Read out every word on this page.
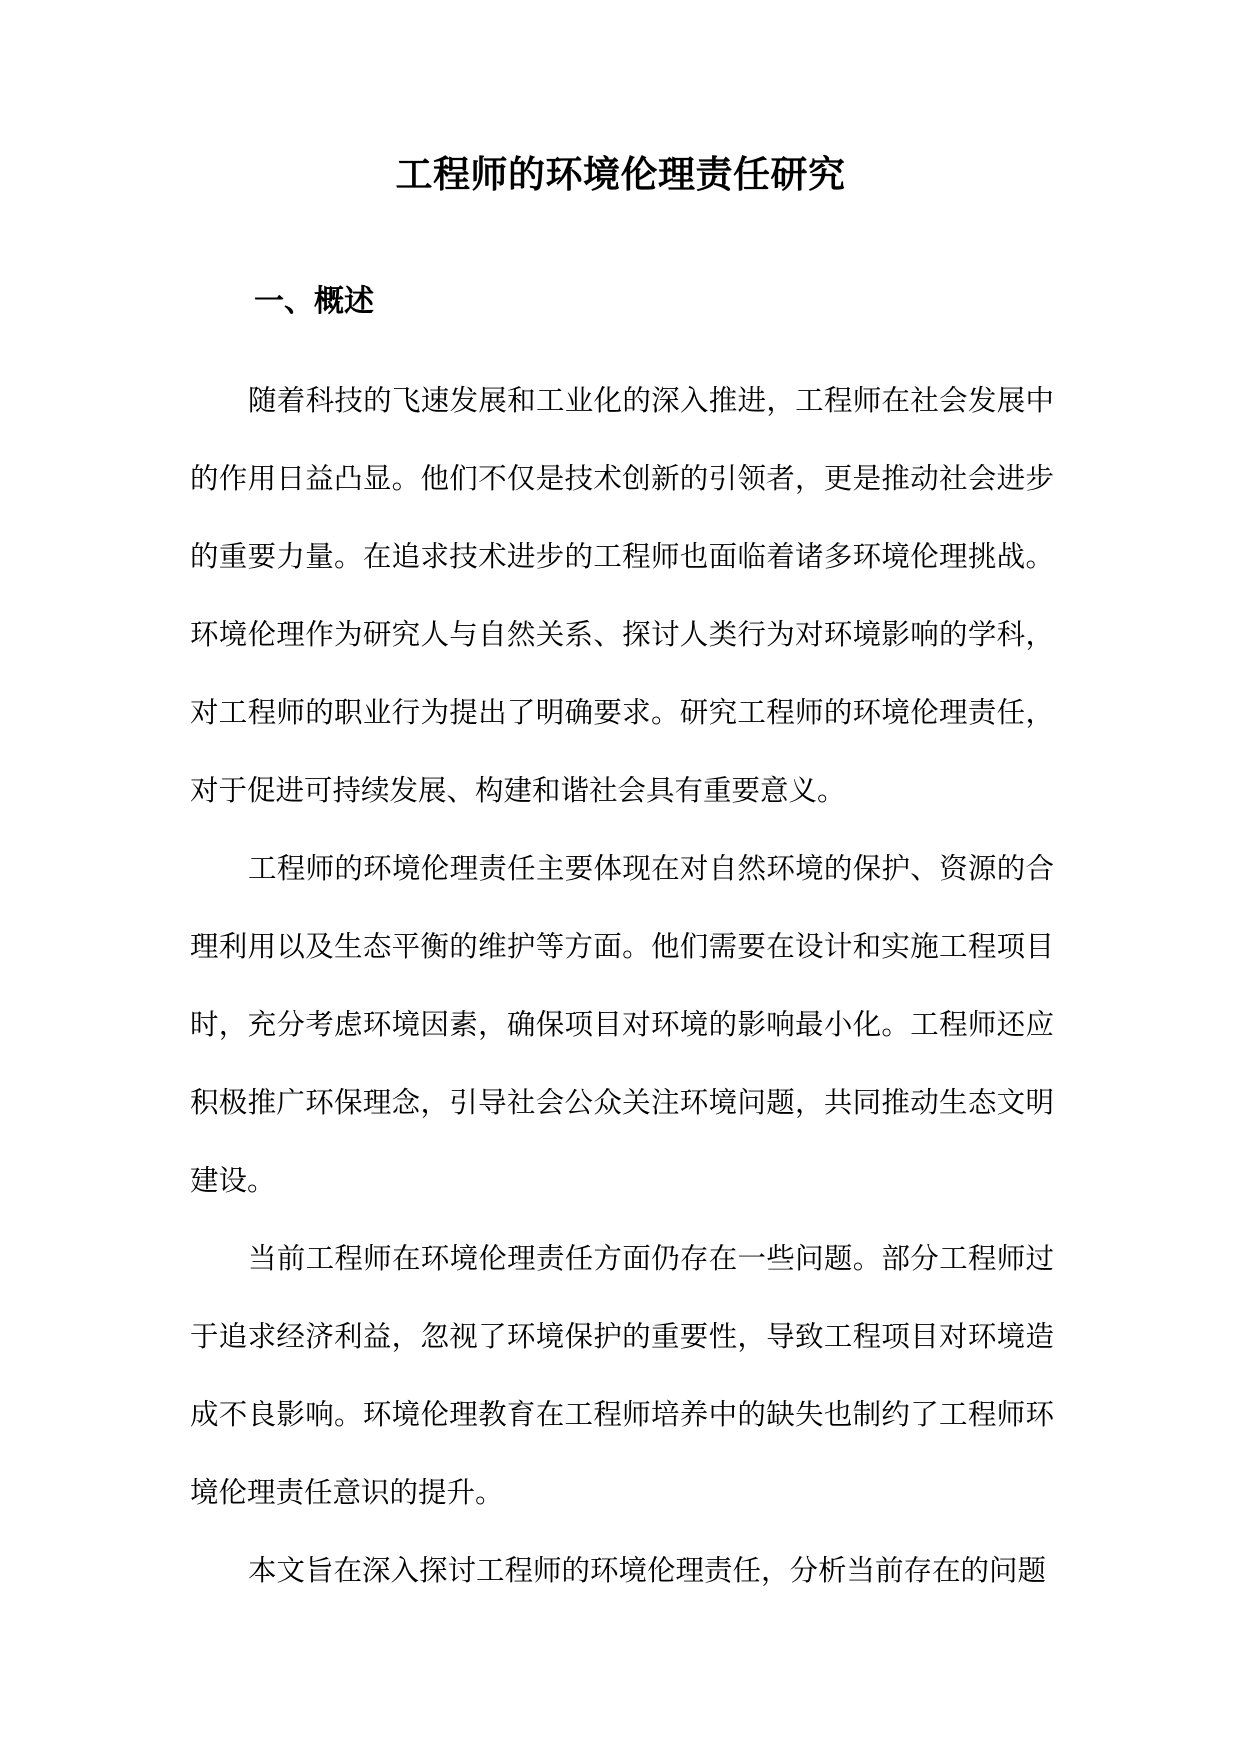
工程师的环境伦理责任研究
一、概述

随着科技的飞速发展和工业化的深入推进，工程师在社会发展中的作用日益凸显。他们不仅是技术创新的引领者，更是推动社会进步的重要力量。在追求技术进步的工程师也面临着诸多环境伦理挑战。环境伦理作为研究人与自然关系、探讨人类行为对环境影响的学科，对工程师的职业行为提出了明确要求。研究工程师的环境伦理责任，对于促进可持续发展、构建和谐社会具有重要意义。

工程师的环境伦理责任主要体现在对自然环境的保护、资源的合理利用以及生态平衡的维护等方面。他们需要在设计和实施工程项目时，充分考虑环境因素，确保项目对环境的影响最小化。工程师还应积极推广环保理念，引导社会公众关注环境问题，共同推动生态文明建设。

当前工程师在环境伦理责任方面仍存在一些问题。部分工程师过于追求经济利益，忽视了环境保护的重要性，导致工程项目对环境造成不良影响。环境伦理教育在工程师培养中的缺失也制约了工程师环境伦理责任意识的提升。

本文旨在深入探讨工程师的环境伦理责任，分析当前存在的问题
